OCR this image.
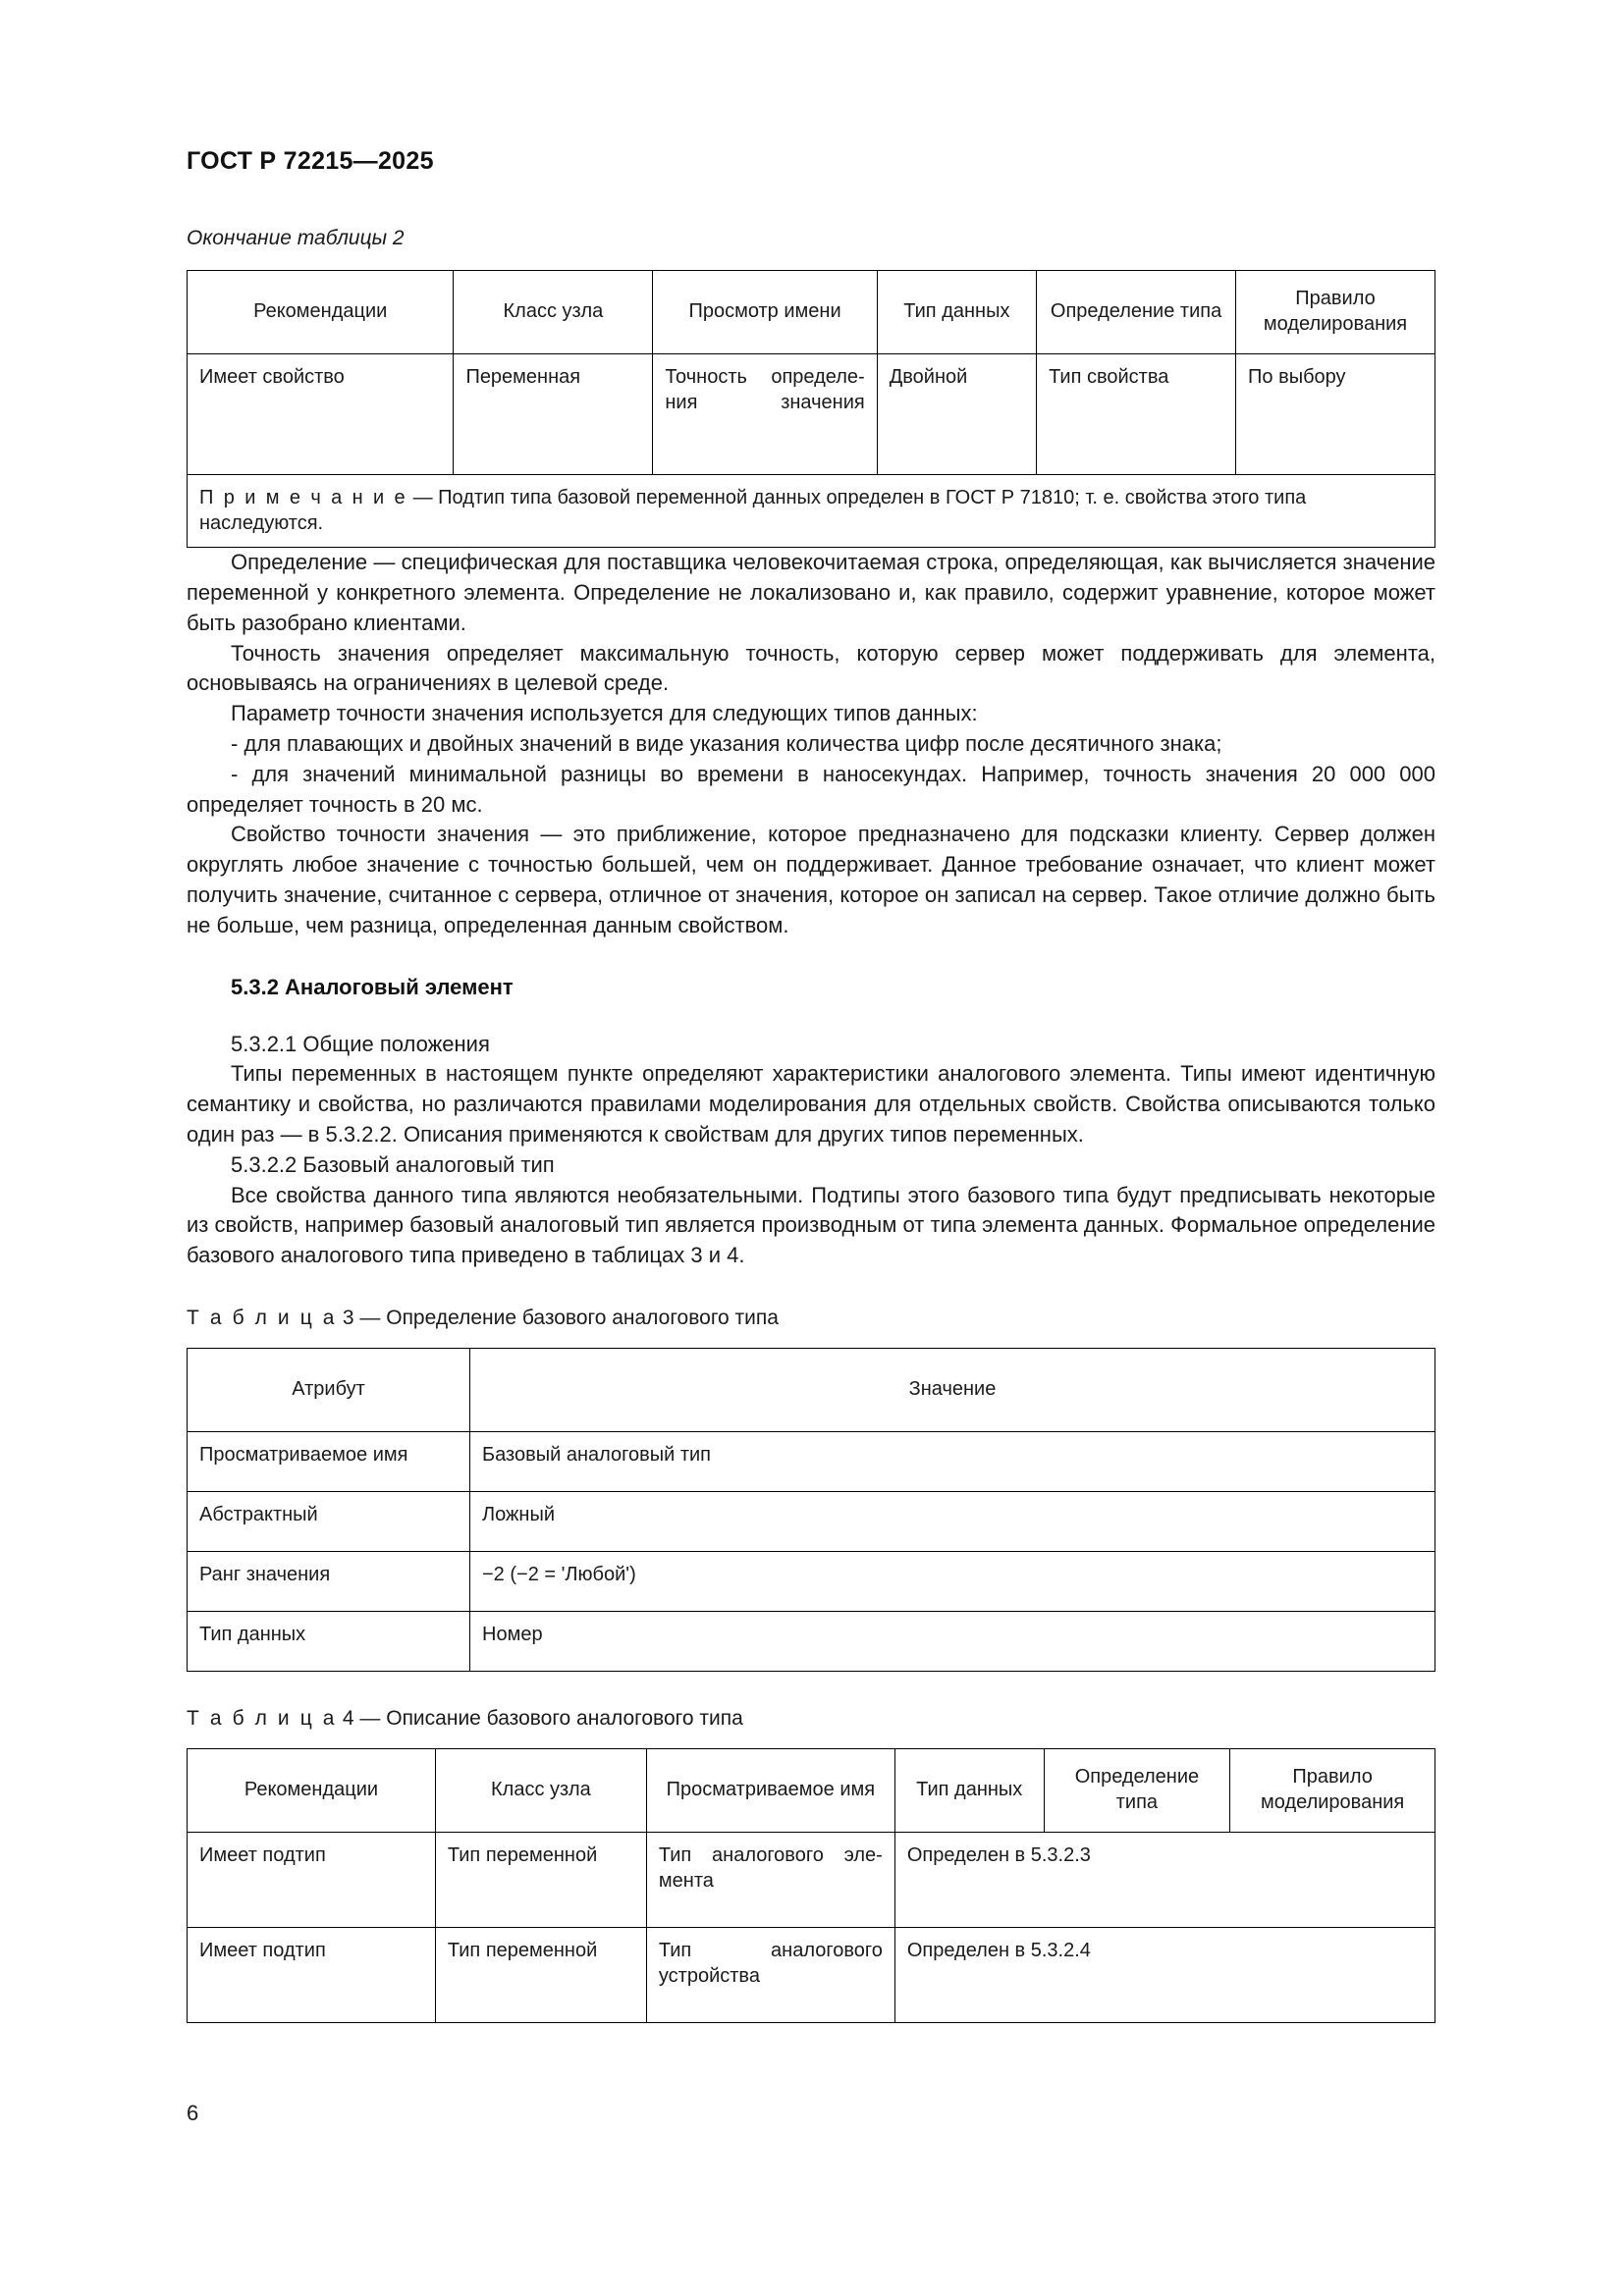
ГОСТ Р 72215—2025
Окончание таблицы 2
Рекомендации	Класс узла	Просмотр имени	Тип данных	Определение типа	Правило моделирования
Имеет свойство	Переменная	Точность определения значения	Двойной	Тип свойства	По выбору
П р и м е ч а н и е — Подтип типа базовой переменной данных определен в ГОСТ Р 71810; т. е. свойства этого типа наследуются.					

Определение — специфическая для поставщика человекочитаемая строка, определяющая, как вычисляется значение переменной у конкретного элемента. Определение не локализовано и, как правило, содержит уравнение, которое может быть разобрано клиентами.

Точность значения определяет максимальную точность, которую сервер может поддерживать для элемента, основываясь на ограничениях в целевой среде.

Параметр точности значения используется для следующих типов данных:

- для плавающих и двойных значений в виде указания количества цифр после десятичного знака;

- для значений минимальной разницы во времени в наносекундах. Например, точность значения 20 000 000 определяет точность в 20 мс.

Свойство точности значения — это приближение, которое предназначено для подсказки клиенту. Сервер должен округлять любое значение с точностью большей, чем он поддерживает. Данное требование означает, что клиент может получить значение, считанное с сервера, отличное от значения, которое он записал на сервер. Такое отличие должно быть не больше, чем разница, определенная данным свойством.

5.3.2 Аналоговый элемент
5.3.2.1 Общие положения

Типы переменных в настоящем пункте определяют характеристики аналогового элемента. Типы имеют идентичную семантику и свойства, но различаются правилами моделирования для отдельных свойств. Свойства описываются только один раз — в 5.3.2.2. Описания применяются к свойствам для других типов переменных.

5.3.2.2 Базовый аналоговый тип

Все свойства данного типа являются необязательными. Подтипы этого базового типа будут предписывать некоторые из свойств, например базовый аналоговый тип является производным от типа элемента данных. Формальное определение базового аналогового типа приведено в таблицах 3 и 4.

Т а б л и ц а 3 — Определение базового аналогового типа
Атрибут	Значение
Просматриваемое имя	Базовый аналоговый тип
Абстрактный	Ложный
Ранг значения	−2 (−2 = 'Любой')
Тип данных	Номер
Т а б л и ц а 4 — Описание базового аналогового типа
Рекомендации	Класс узла	Просматриваемое имя	Тип данных	Определение типа	Правило моделирования
Имеет подтип	Тип переменной	Тип аналогового элемента	Определен в 5.3.2.3		
Имеет подтип	Тип переменной	Тип аналогового устройства	Определен в 5.3.2.4		
6
